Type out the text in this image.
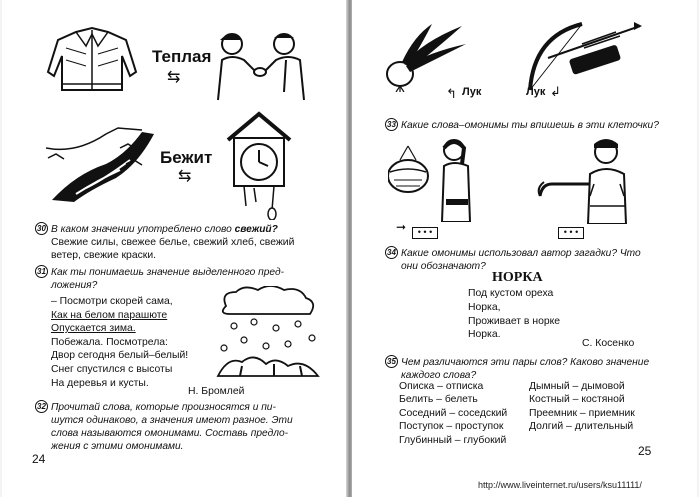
Теплая
⇆
Бежит
⇆
30 В каком значении употреблено слово свежий?
Свежие силы, свежее белье, свежий хлеб, свежий
ветер, свежие краски.
31 Как ты понимаешь значение выделенного пред-
ложения?
– Посмотри скорей сама,
Как на белом парашюте
Опускается зима.
Побежала. Посмотрела:
Двор сегодня белый–белый!
Снег спустился с высоты
На деревья и кусты.
Н. Бромлей
32 Прочитай слова, которые произносятся и пи-
шутся одинаково, а значения имеют разное. Эти
слова называются омонимами. Составь предло-
жения с этими омонимами.
24
↰ Лук	Лук ↲
33 Какие слова–омонимы ты впишешь в эти клеточки?
➞ • • •	• • •
34 Какие омонимы использовал автор загадки? Что
они обозначают?
НОРКА
Под кустом ореха
Норка,
Проживает в норке
Норка.
С. Косенко
35 Чем различаются эти пары слов? Каково значение
каждого слова?
Описка – отписка
Белить – белеть
Соседний – соседский
Поступок – проступок
Глубинный – глубокий
Дымный – дымовой
Костный – костяной
Преемник – приемник
Долгий – длительный
25
http://www.liveinternet.ru/users/ksu11111/
